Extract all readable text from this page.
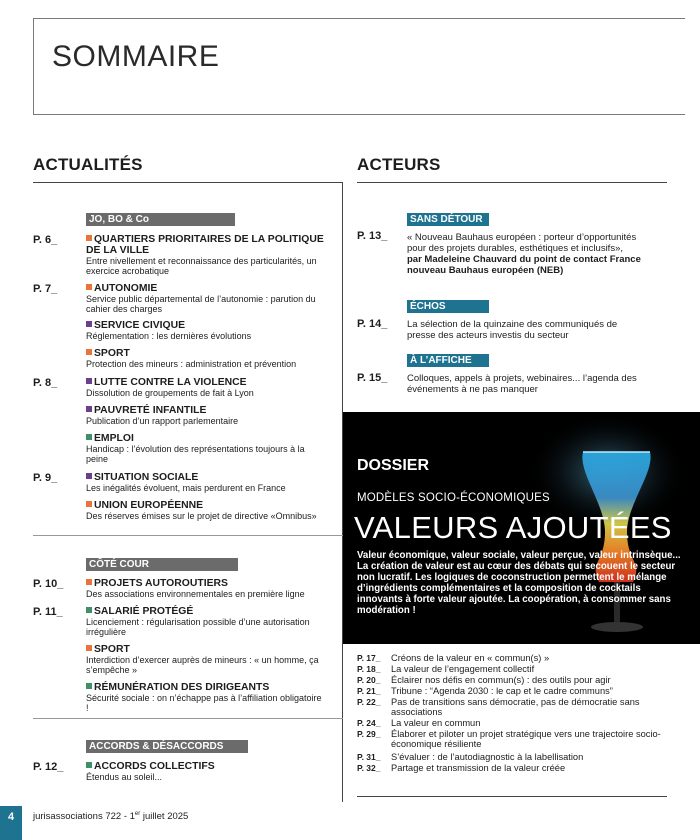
SOMMAIRE
ACTUALITÉS
JO, BO & Co
P. 6_	QUARTIERS PRIORITAIRES DE LA POLITIQUE DE LA VILLE
Entre nivellement et reconnaissance des particularités, un exercice acrobatique
P. 7_	AUTONOMIE
Service public départemental de l’autonomie : parution du cahier des charges
SERVICE CIVIQUE
Réglementation : les dernières évolutions
SPORT
Protection des mineurs : administration et prévention
P. 8_	LUTTE CONTRE LA VIOLENCE
Dissolution de groupements de fait à Lyon
PAUVRETÉ INFANTILE
Publication d’un rapport parlementaire
EMPLOI
Handicap : l’évolution des représentations toujours à la peine
P. 9_	SITUATION SOCIALE
Les inégalités évoluent, mais perdurent en France
UNION EUROPÉENNE
Des réserves émises sur le projet de directive «Omnibus»
CÔTÉ COUR
P. 10_	PROJETS AUTOROUTIERS
Des associations environnementales en première ligne
P. 11_	SALARIÉ PROTÉGÉ
Licenciement : régularisation possible d’une autorisation irrégulière
SPORT
Interdiction d’exercer auprès de mineurs : « un homme, ça s’empêche »
RÉMUNÉRATION DES DIRIGEANTS
Sécurité sociale : on n’échappe pas à l’affiliation obligatoire !
ACCORDS & DÉSACCORDS
P. 12_	ACCORDS COLLECTIFS
Étendus au soleil...
ACTEURS
SANS DÉTOUR
P. 13_ « Nouveau Bauhaus européen : porteur d’opportunités
pour des projets durables, esthétiques et inclusifs»,
par Madeleine Chauvard du point de contact France
nouveau Bauhaus européen (NEB)
ÉCHOS
P. 14_ La sélection de la quinzaine des communiqués de
presse des acteurs investis du secteur
À L’AFFICHE
P. 15_ Colloques, appels à projets, webinaires... l’agenda des
événements à ne pas manquer
DOSSIER
MODÈLES SOCIO-ÉCONOMIQUES
VALEURS AJOUTÉES
Valeur économique, valeur sociale, valeur perçue, valeur intrinsèque... La création de valeur est au cœur des débats qui secouent le secteur non lucratif. Les logiques de coconstruction permettent le mélange d’ingrédients complémentaires et la composition de cocktails innovants à forte valeur ajoutée. La coopération, à consommer sans modération !
P. 17_ Créons de la valeur en « commun(s) »
P. 18_ La valeur de l’engagement collectif
P. 20_ Éclairer nos défis en commun(s) : des outils pour agir
P. 21_ Tribune : “Agenda 2030 : le cap et le cadre communs”
P. 22_ Pas de transitions sans démocratie, pas de démocratie sans associations
P. 24_ La valeur en commun
P. 29_ Élaborer et piloter un projet stratégique vers une trajectoire socio-économique résiliente
P. 31_ S’évaluer : de l’autodiagnostic à la labellisation
P. 32_ Partage et transmission de la valeur créée
4	jurisassociations 722 - 1er juillet 2025
